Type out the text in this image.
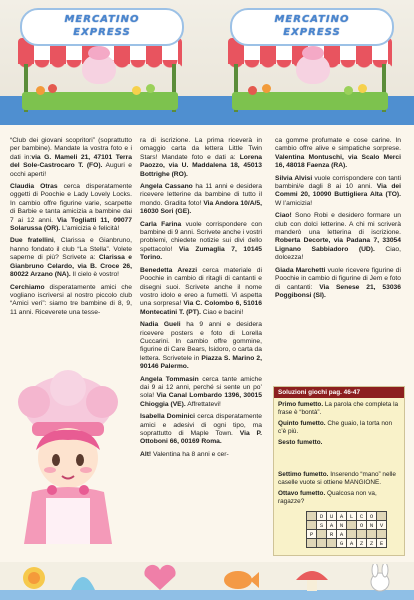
MERCATINO
EXPRESS
MERCATINO
EXPRESS

“Club dei giovani scopritori” (soprattutto per bambine). Mandate la vostra foto e i dati in:via G. Mameli 21, 47101 Terra del Sole-Castrocaro T. (FO). Auguri e occhi aperti!

Claudia Otras cerca disperatamente oggetti di Poochie e Lady Lovely Locks. In cambio offre figurine varie, scarpette di Barbie e tanta amicizia a bambine dai 7 ai 12 anni. Via Togliatti 11, 09077 Solarussa (OR). L’amicizia è felicità!

Due fratellini, Clarissa e Gianbruno, hanno fondato il club “La Stella”. Volete saperne di più? Scrivete a: Clarissa e Gianbruno Celardo, via B. Croce 26, 80022 Arzano (NA). Il cielo è vostro!

Cerchiamo disperatamente amici che vogliano iscriversi al nostro piccolo club “Amici veri”: siamo tre bambine di 8, 9, 11 anni. Riceverete una tesse-

ra di iscrizione. La prima riceverà in omaggio carta da lettera Little Twin Stars! Mandate foto e dati a: Lorena Paozzo, via U. Maddalena 18, 45013 Bottrighe (RO).

Angela Cassano ha 11 anni e desidera ricevere letterine da bambine di tutto il mondo. Gradita foto! Via Andora 10/A/5, 16030 Sori (GE).

Carla Farina vuole corrispondere con bambine di 9 anni. Scrivete anche i vostri problemi, chiedete notizie sui divi dello spettacolo! Via Zumaglia 7, 10145 Torino.

Benedetta Arezzi cerca materiale di Poochie in cambio di ritagli di cantanti e disegni suoi. Scrivete anche il nome vostro idolo e ereo a fumetti. Vi aspetta una sorpresa! Via C. Colombo 6, 51016 Montecatini T. (PT). Ciao e bacini!

Nadia Gueli ha 9 anni e desidera ricevere posters e foto di Lorella Cuccarini. In cambio offre gommine, figurine di Care Bears, Isidoro, o carta da lettera. Scrivetele in Piazza S. Marino 2, 90146 Palermo.

Angela Tommasin cerca tante amiche dai 9 ai 12 anni, perché si sente un po’ sola! Via Canal Lombardo 1396, 30015 Chioggia (VE). Affrettatevi!

Isabella Dominici cerca disperatamente amici e adesivi di ogni tipo, ma soprattutto di Maple Town. Via P. Ottoboni 66, 00169 Roma.

Alt! Valentina ha 8 anni e cer-

ca gomme profumate e cose carine. In cambio offre alive e simpatiche sorprese. Valentina Montuschi, via Scalo Merci 16, 48018 Faenza (RA).

Silvia Alvisi vuole corrispondere con tanti bambini/e dagli 8 ai 10 anni. Via dei Commi 20, 10090 Buttigliera Alta (TO). W l’amicizia!

Ciao! Sono Robi e desidero formare un club con dolci letterine. A chi mi scriverà manderò una letterina di iscrizione. Roberta Decorte, via Padana 7, 33054 Lignano Sabbiadoro (UD). Ciao, dolcezza!

Giada Marchetti vuole ricevere figurine di Poochie in cambio di figurine di Jem e foto di cantanti: Via Senese 21, 53036 Poggibonsi (SI).

Soluzioni giochi pag. 46-47

Primo fumetto. La parola che completa la frase è “bontà”.

Quinto fumetto. Che guaio, la torta non c’è più.

Sesto fumetto.

Settimo fumetto. Inserendo “mano” nelle caselle vuote si ottiene MANGIONE.

Ottavo fumetto. Qualcosa non va, ragazze?

	D	U	A	L	C	O	
	S	A	N		O	N	V
P		R	A				
			G	A	Z	Z	E
